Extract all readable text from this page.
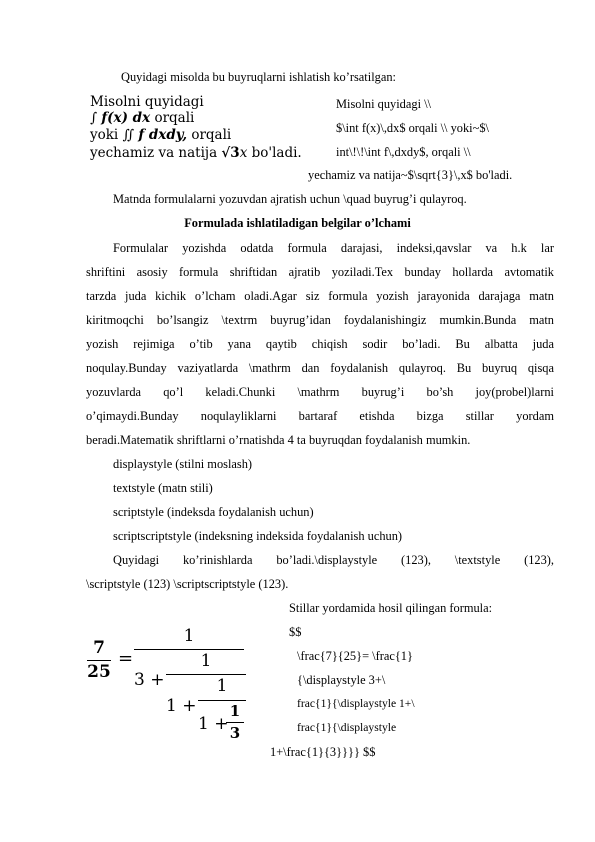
Quyidagi misolda bu buyruqlarni ishlatish ko’rsatilgan:
Misolni quyidagi
∫ f(x) dx orqali
yoki ∬ f dxdy, orqali
yechamiz va natija √3x bo'ladi.
Misolni quyidagi \\
$\int f(x)\,dx$ orqali \\ yoki~$\
int\!\!\int f\,dxdy$, orqali \\
yechamiz va natija~$\sqrt{3}\,x$ bo'ladi.
Matnda formulalarni yozuvdan ajratish uchun \quad buyrug’i qulayroq.
Formulada ishlatiladigan belgilar o’lchami
Formulalar yozishda odatda formula darajasi, indeksi,qavslar va h.k lar
shriftini asosiy formula shriftidan ajratib yoziladi.Tex bunday hollarda avtomatik
tarzda juda kichik o’lcham oladi.Agar siz formula yozish jarayonida darajaga matn
kiritmoqchi bo’lsangiz \textrm buyrug’idan foydalanishingiz mumkin.Bunda matn
yozish rejimiga o’tib yana qaytib chiqish sodir bo’ladi. Bu albatta juda
noqulay.Bunday vaziyatlarda \mathrm dan foydalanish qulayroq. Bu buyruq qisqa
yozuvlarda qo’l keladi.Chunki \mathrm buyrug’i bo’sh joy(probel)larni
o’qimaydi.Bunday noqulayliklarni bartaraf etishda bizga stillar yordam
beradi.Matematik shriftlarni o’rnatishda 4 ta buyruqdan foydalanish mumkin.
displaystyle (stilni moslash)
textstyle (matn stili)
scriptstyle (indeksda foydalanish uchun)
scriptscriptstyle (indeksning indeksida foydalanish uchun)
Quyidagi ko’rinishlarda bo’ladi.\displaystyle (123), \textstyle (123),
\scriptstyle (123) \scriptscriptstyle (123).
7
25
=
1
3 +
1
1 +
1
1 +
1
3
Stillar yordamida hosil qilingan formula:
$$
\frac{7}{25}= \frac{1}
{\displaystyle 3+\
frac{1}{\displaystyle 1+\
frac{1}{\displaystyle
1+\frac{1}{3}}}} $$
